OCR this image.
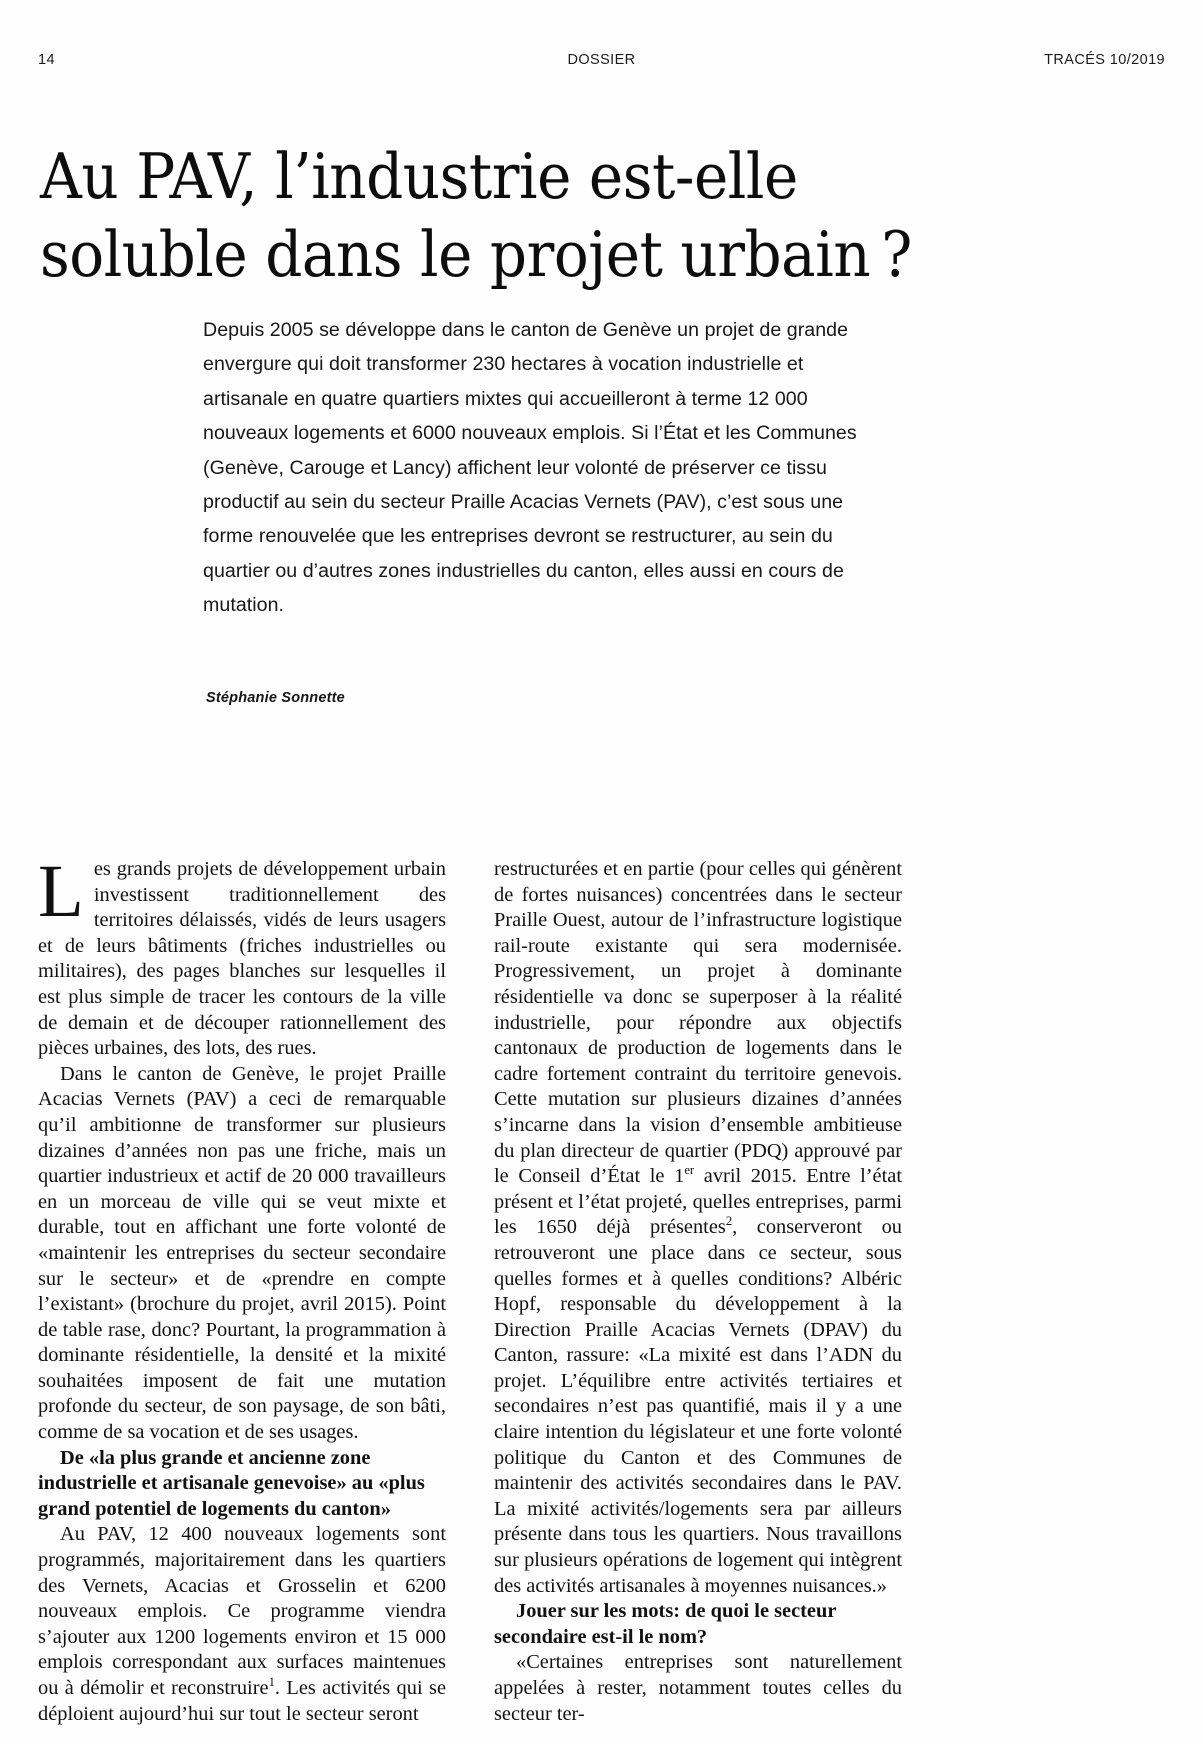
14	DOSSIER	TRACÉS 10/2019
Au PAV, l’industrie est-elle
soluble dans le projet urbain ?
Depuis 2005 se développe dans le canton de Genève un projet de grande envergure qui doit transformer 230 hectares à vocation industrielle et artisanale en quatre quartiers mixtes qui accueilleront à terme 12 000 nouveaux logements et 6000 nouveaux emplois. Si l’État et les Communes (Genève, Carouge et Lancy) affichent leur volonté de préserver ce tissu productif au sein du secteur Praille Acacias Vernets (PAV), c’est sous une forme renouvelée que les entreprises devront se restructurer, au sein du quartier ou d’autres zones industrielles du canton, elles aussi en cours de mutation.
Stéphanie Sonnette

Les grands projets de développement urbain investissent traditionnellement des territoires délaissés, vidés de leurs usagers et de leurs bâtiments (friches industrielles ou militaires), des pages blanches sur lesquelles il est plus simple de tracer les contours de la ville de demain et de découper rationnellement des pièces urbaines, des lots, des rues.

Dans le canton de Genève, le projet Praille Acacias Vernets (PAV) a ceci de remarquable qu’il ambitionne de transformer sur plusieurs dizaines d’années non pas une friche, mais un quartier industrieux et actif de 20 000 travailleurs en un morceau de ville qui se veut mixte et durable, tout en affichant une forte volonté de «maintenir les entreprises du secteur secondaire sur le secteur» et de «prendre en compte l’existant» (brochure du projet, avril 2015). Point de table rase, donc? Pourtant, la programmation à dominante résidentielle, la densité et la mixité souhaitées imposent de fait une mutation profonde du secteur, de son paysage, de son bâti, comme de sa vocation et de ses usages.

De «la plus grande et ancienne zone industrielle et artisanale genevoise» au «plus grand potentiel de logements du canton»

Au PAV, 12 400 nouveaux logements sont programmés, majoritairement dans les quartiers des Vernets, Acacias et Grosselin et 6200 nouveaux emplois. Ce programme viendra s’ajouter aux 1200 logements environ et 15 000 emplois correspondant aux surfaces maintenues ou à démolir et reconstruire$^1$. Les activités qui se déploient aujourd’hui sur tout le secteur seront

restructurées et en partie (pour celles qui génèrent de fortes nuisances) concentrées dans le secteur Praille Ouest, autour de l’infrastructure logistique rail-route existante qui sera modernisée. Progressivement, un projet à dominante résidentielle va donc se superposer à la réalité industrielle, pour répondre aux objectifs cantonaux de production de logements dans le cadre fortement contraint du territoire genevois. Cette mutation sur plusieurs dizaines d’années s’incarne dans la vision d’ensemble ambitieuse du plan directeur de quartier (PDQ) approuvé par le Conseil d’État le 1er avril 2015. Entre l’état présent et l’état projeté, quelles entreprises, parmi les 1650 déjà présentes$^2$, conserveront ou retrouveront une place dans ce secteur, sous quelles formes et à quelles conditions? Albéric Hopf, responsable du développement à la Direction Praille Acacias Vernets (DPAV) du Canton, rassure: «La mixité est dans l’ADN du projet. L’équilibre entre activités tertiaires et secondaires n’est pas quantifié, mais il y a une claire intention du législateur et une forte volonté politique du Canton et des Communes de maintenir des activités secondaires dans le PAV. La mixité activités/logements sera par ailleurs présente dans tous les quartiers. Nous travaillons sur plusieurs opérations de logement qui intègrent des activités artisanales à moyennes nuisances.»

Jouer sur les mots: de quoi le secteur secondaire est-il le nom?

«Certaines entreprises sont naturellement appelées à rester, notamment toutes celles du secteur ter-
